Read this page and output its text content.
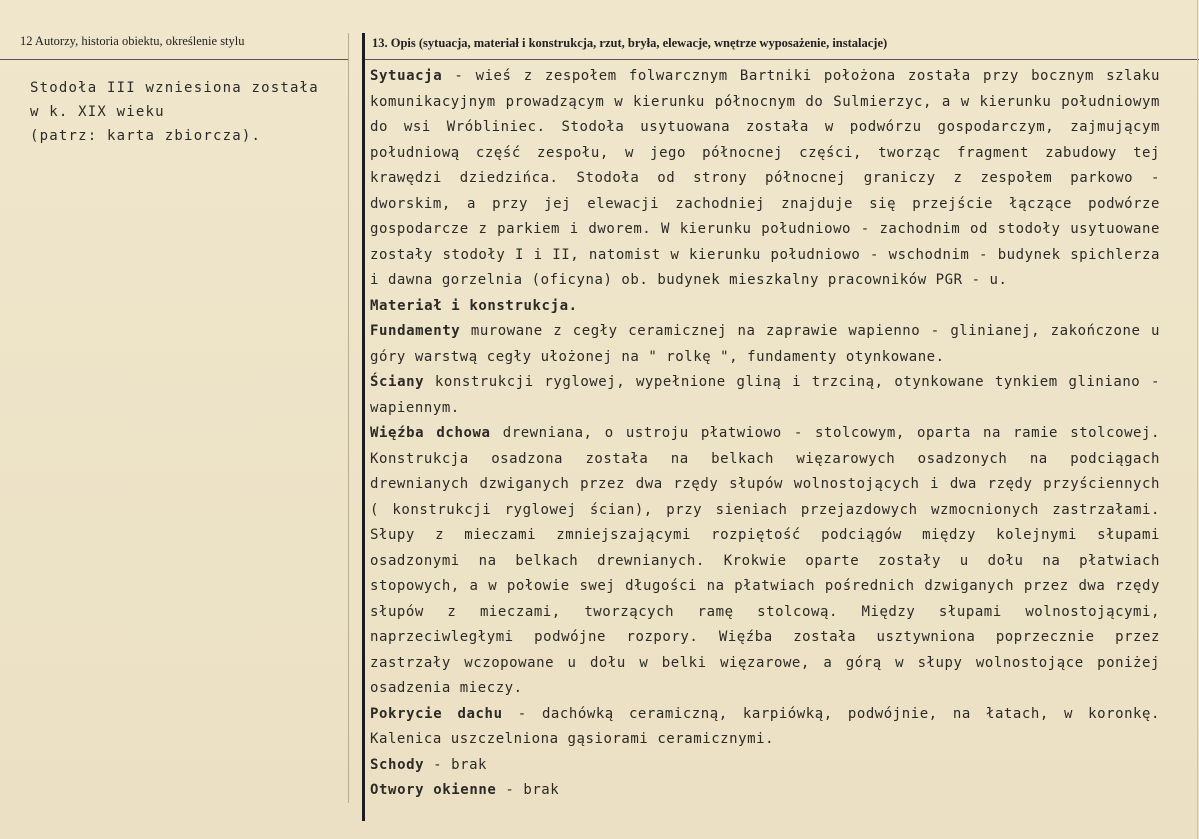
12 Autorzy, historia obiektu, określenie stylu	13. Opis (sytuacja, materiał i konstrukcja, rzut, bryła, elewacje, wnętrze wyposażenie, instalacje)
Stodoła III wzniesiona została
w k. XIX wieku
(patrz: karta zbiorcza).

Sytuacja - wieś z zespołem folwarcznym Bartniki położona została przy bocznym szlaku komunikacyjnym prowadzącym w kierunku północnym do Sulmierzyc, a w kierunku południowym do wsi Wróbliniec. Stodoła usytuowana została w podwórzu gospodarczym, zajmującym południową część zespołu, w jego północnej części, tworząc fragment zabudowy tej krawędzi dziedzińca. Stodoła od strony północnej graniczy z zespołem parkowo - dworskim, a przy jej elewacji zachodniej znajduje się przejście łączące podwórze gospodarcze z parkiem i dworem. W kierunku południowo - zachodnim od stodoły usytuowane zostały stodoły I i II, natomist w kierunku południowo - wschodnim - budynek spichlerza i dawna gorzelnia (oficyna) ob. budynek mieszkalny pracowników PGR - u.

Materiał i konstrukcja.

Fundamenty murowane z cegły ceramicznej na zaprawie wapienno - glinianej, zakończone u góry warstwą cegły ułożonej na " rolkę ", fundamenty otynkowane.

Ściany konstrukcji ryglowej, wypełnione gliną i trzciną, otynkowane tynkiem gliniano - wapiennym.

Więźba dchowa drewniana, o ustroju płatwiowo - stolcowym, oparta na ramie stolcowej. Konstrukcja osadzona została na belkach więzarowych osadzonych na podciągach drewnianych dzwiganych przez dwa rzędy słupów wolnostojących i dwa rzędy przyściennych ( konstrukcji ryglowej ścian), przy sieniach przejazdowych wzmocnionych zastrzałami. Słupy z mieczami zmniejszającymi rozpiętość podciągów między kolejnymi słupami osadzonymi na belkach drewnianych. Krokwie oparte zostały u dołu na płatwiach stopowych, a w połowie swej długości na płatwiach pośrednich dzwiganych przez dwa rzędy słupów z mieczami, tworzących ramę stolcową. Między słupami wolnostojącymi, naprzeciwległymi podwójne rozpory. Więźba została usztywniona poprzecznie przez zastrzały wczopowane u dołu w belki więzarowe, a górą w słupy wolnostojące poniżej osadzenia mieczy.

Pokrycie dachu - dachówką ceramiczną, karpiówką, podwójnie, na łatach, w koronkę. Kalenica uszczelniona gąsiorami ceramicznymi.

Schody - brak

Otwory okienne - brak
